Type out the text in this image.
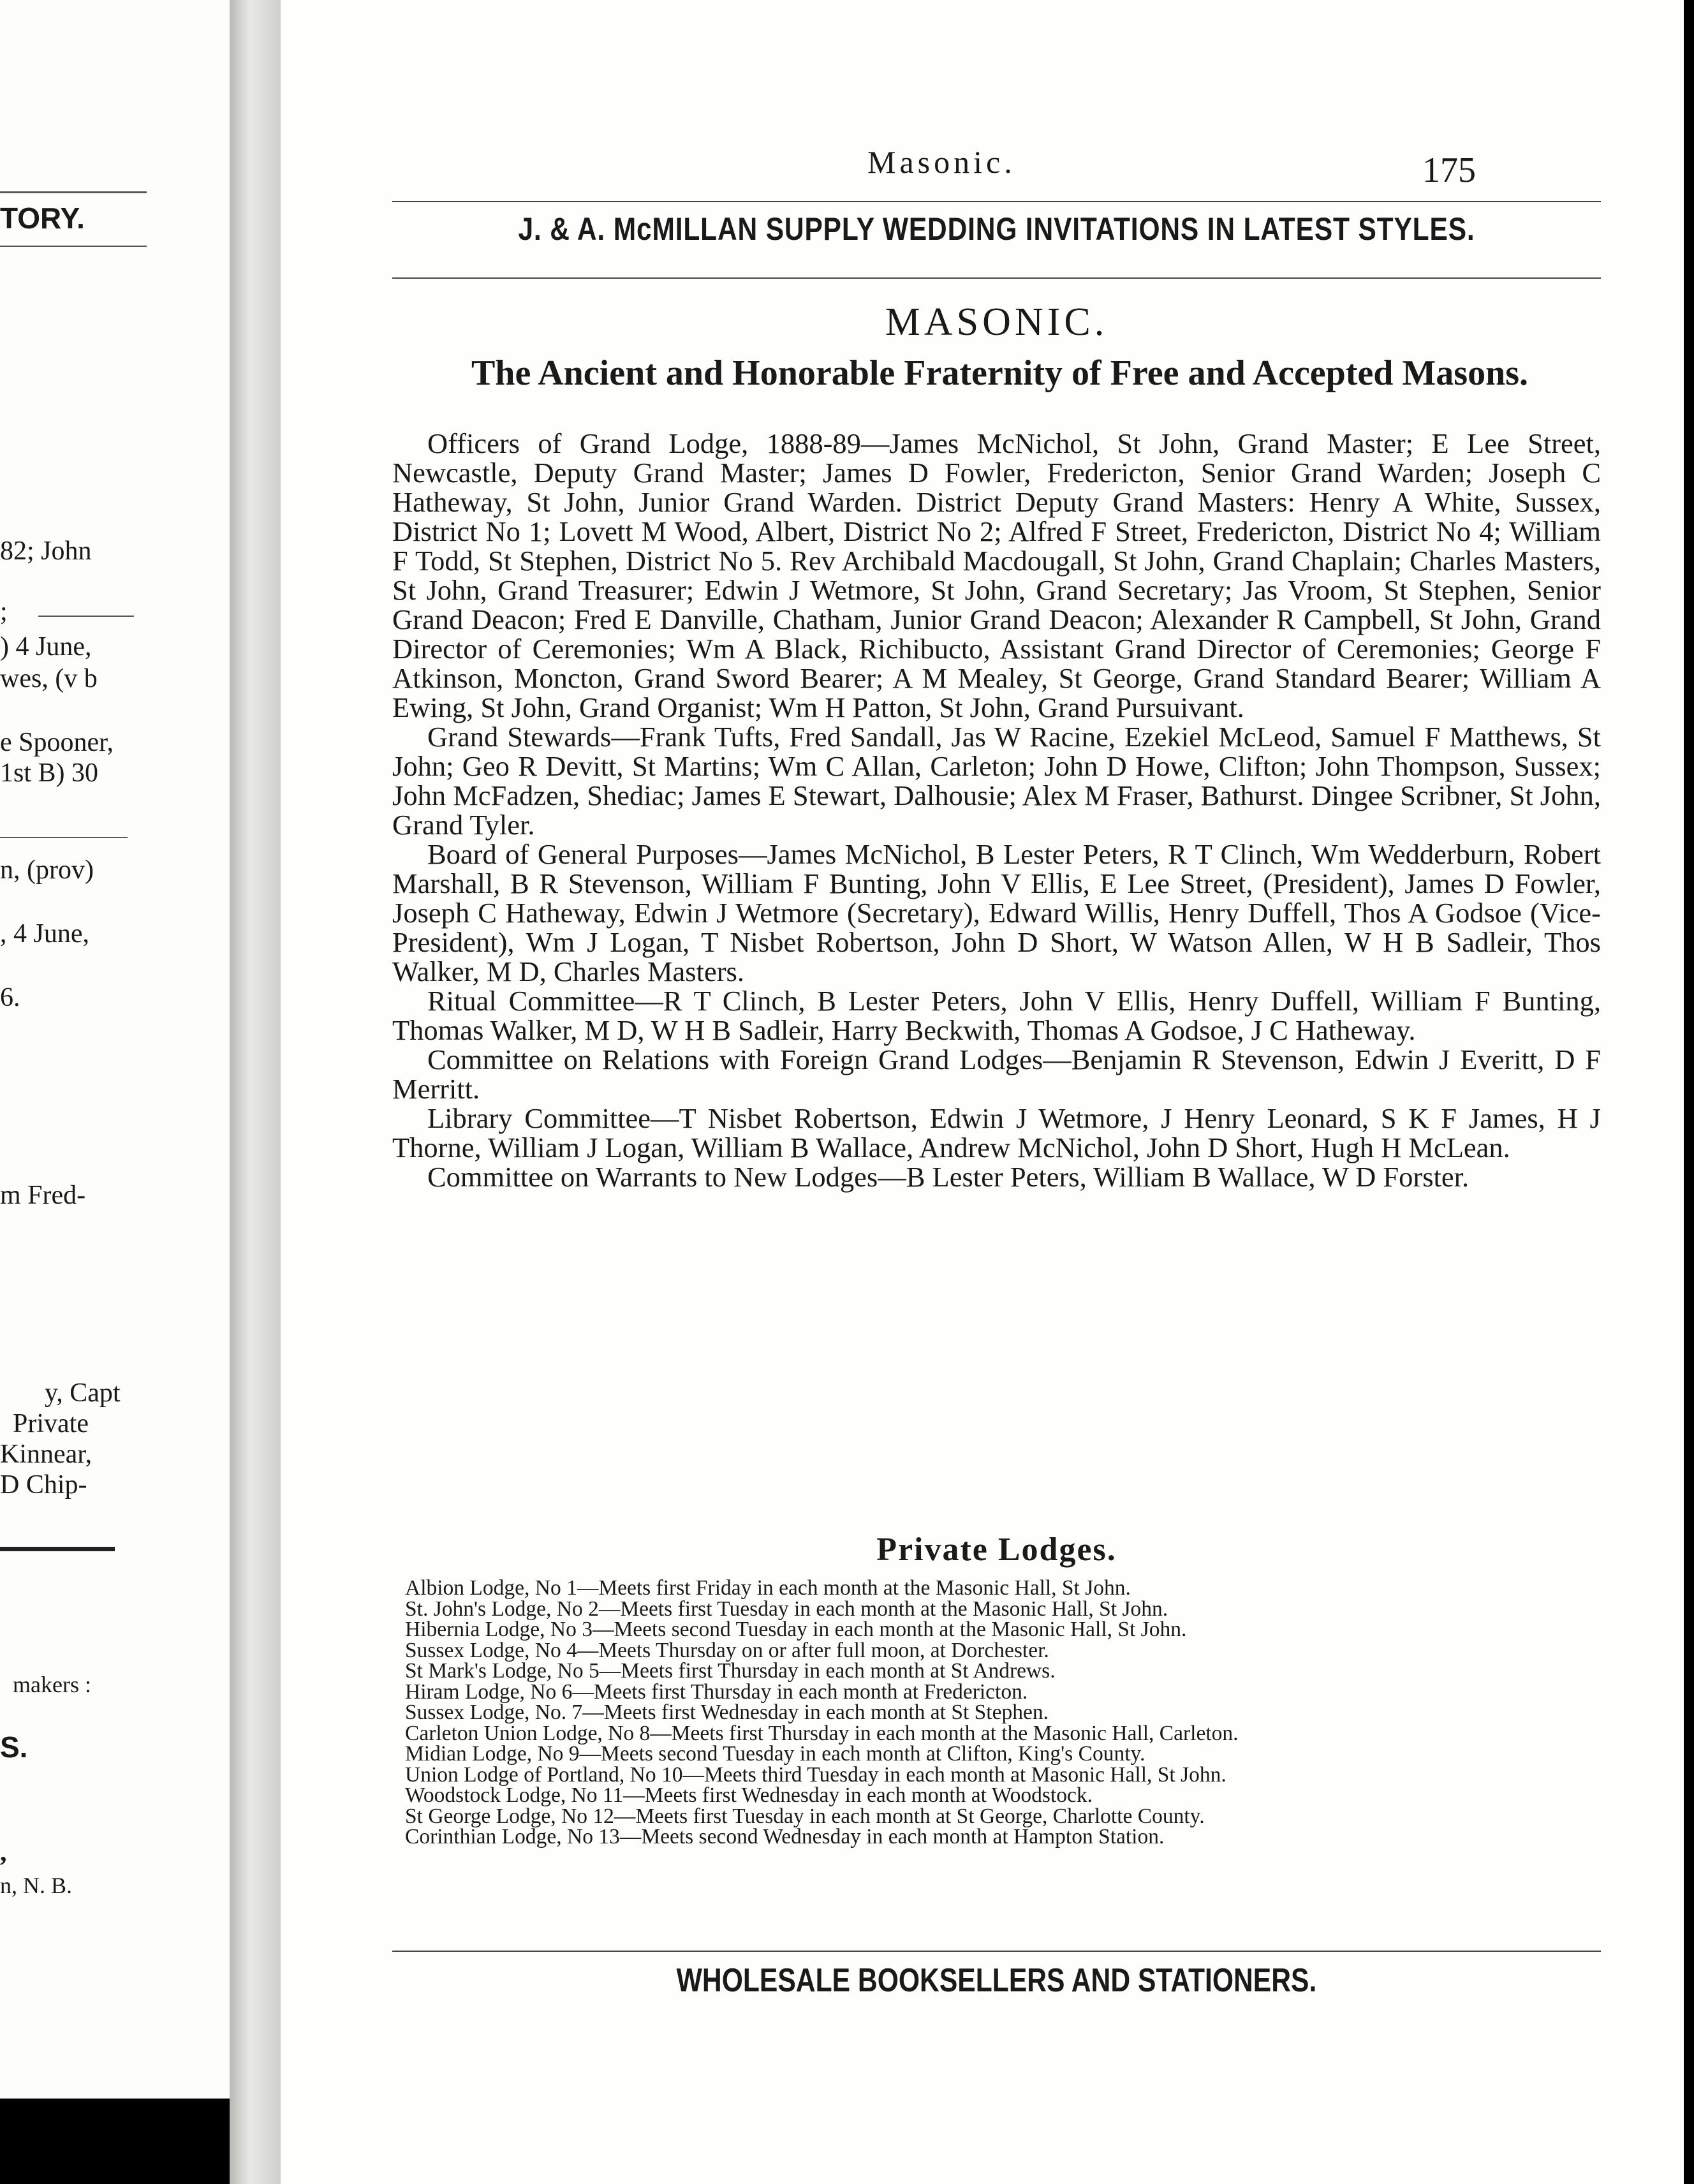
TORY.
82; John
;
) 4 June,
wes, (v b
e Spooner,
1st B) 30
n, (prov)
, 4 June,
6.
m Fred-
y, Capt
Private
Kinnear,
D Chip-
makers :
S.
,
n, N. B.
Masonic.	175
J. & A. McMILLAN SUPPLY WEDDING INVITATIONS IN LATEST STYLES.
MASONIC.
The Ancient and Honorable Fraternity of Free and Accepted Masons.

Officers of Grand Lodge, 1888-89—James McNichol, St John, Grand Master; E Lee Street, Newcastle, Deputy Grand Master; James D Fowler, Fredericton, Senior Grand Warden; Joseph C Hatheway, St John, Junior Grand Warden. District Deputy Grand Masters: Henry A White, Sussex, District No 1; Lovett M Wood, Albert, District No 2; Alfred F Street, Fredericton, District No 4; William F Todd, St Stephen, District No 5. Rev Archibald Macdougall, St John, Grand Chaplain; Charles Masters, St John, Grand Treasurer; Edwin J Wetmore, St John, Grand Secretary; Jas Vroom, St Stephen, Senior Grand Deacon; Fred E Danville, Chatham, Junior Grand Deacon; Alexander R Campbell, St John, Grand Director of Ceremonies; Wm A Black, Richibucto, Assistant Grand Director of Ceremonies; George F Atkinson, Moncton, Grand Sword Bearer; A M Mealey, St George, Grand Standard Bearer; William A Ewing, St John, Grand Organist; Wm H Patton, St John, Grand Pursuivant.

Grand Stewards—Frank Tufts, Fred Sandall, Jas W Racine, Ezekiel McLeod, Samuel F Matthews, St John; Geo R Devitt, St Martins; Wm C Allan, Carleton; John D Howe, Clifton; John Thompson, Sussex; John McFadzen, Shediac; James E Stewart, Dalhousie; Alex M Fraser, Bathurst. Dingee Scribner, St John, Grand Tyler.

Board of General Purposes—James McNichol, B Lester Peters, R T Clinch, Wm Wedderburn, Robert Marshall, B R Stevenson, William F Bunting, John V Ellis, E Lee Street, (President), James D Fowler, Joseph C Hatheway, Edwin J Wetmore (Secretary), Edward Willis, Henry Duffell, Thos A Godsoe (Vice-President), Wm J Logan, T Nisbet Robertson, John D Short, W Watson Allen, W H B Sadleir, Thos Walker, M D, Charles Masters.

Ritual Committee—R T Clinch, B Lester Peters, John V Ellis, Henry Duffell, William F Bunting, Thomas Walker, M D, W H B Sadleir, Harry Beckwith, Thomas A Godsoe, J C Hatheway.

Committee on Relations with Foreign Grand Lodges—Benjamin R Stevenson, Edwin J Everitt, D F Merritt.

Library Committee—T Nisbet Robertson, Edwin J Wetmore, J Henry Leonard, S K F James, H J Thorne, William J Logan, William B Wallace, Andrew McNichol, John D Short, Hugh H McLean.

Committee on Warrants to New Lodges—B Lester Peters, William B Wallace, W D Forster.

Private Lodges.

Albion Lodge, No 1—Meets first Friday in each month at the Masonic Hall, St John.

St. John's Lodge, No 2—Meets first Tuesday in each month at the Masonic Hall, St John.

Hibernia Lodge, No 3—Meets second Tuesday in each month at the Masonic Hall, St John.

Sussex Lodge, No 4—Meets Thursday on or after full moon, at Dorchester.

St Mark's Lodge, No 5—Meets first Thursday in each month at St Andrews.

Hiram Lodge, No 6—Meets first Thursday in each month at Fredericton.

Sussex Lodge, No. 7—Meets first Wednesday in each month at St Stephen.

Carleton Union Lodge, No 8—Meets first Thursday in each month at the Masonic Hall, Carleton.

Midian Lodge, No 9—Meets second Tuesday in each month at Clifton, King's County.

Union Lodge of Portland, No 10—Meets third Tuesday in each month at Masonic Hall, St John.

Woodstock Lodge, No 11—Meets first Wednesday in each month at Woodstock.

St George Lodge, No 12—Meets first Tuesday in each month at St George, Charlotte County.

Corinthian Lodge, No 13—Meets second Wednesday in each month at Hampton Station.

WHOLESALE BOOKSELLERS AND STATIONERS.
